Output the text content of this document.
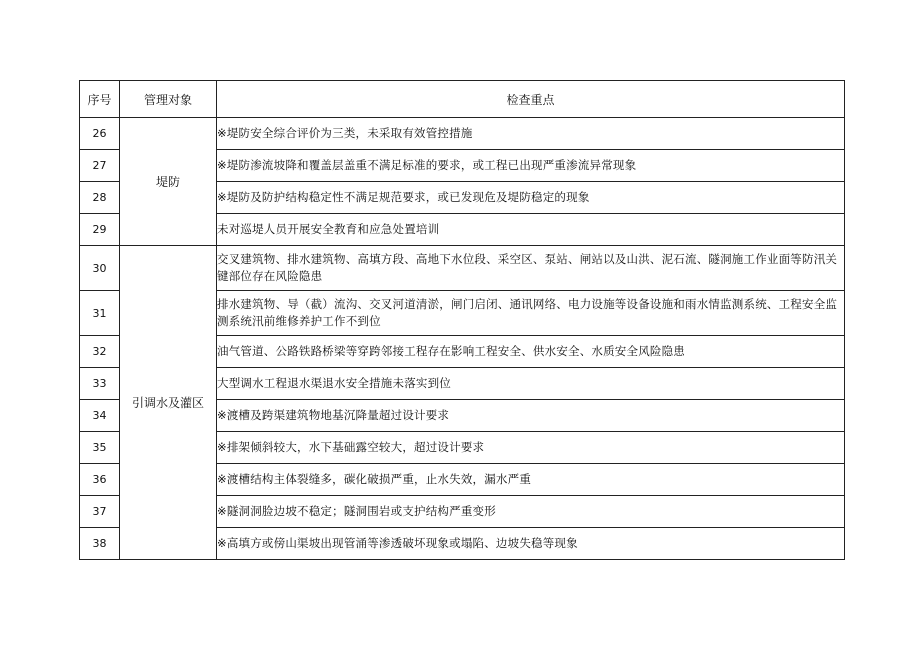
序号	管理对象	检查重点
26	堤防	※堤防安全综合评价为三类，未采取有效管控措施
27		※堤防渗流坡降和覆盖层盖重不满足标准的要求，或工程已出现严重渗流异常现象
28		※堤防及防护结构稳定性不满足规范要求，或已发现危及堤防稳定的现象
29		未对巡堤人员开展安全教育和应急处置培训
30	引调水及灌区	交叉建筑物、排水建筑物、高填方段、高地下水位段、采空区、泵站、闸站以及山洪、泥石流、隧洞施工作业面等防汛关键部位存在风险隐患
31		排水建筑物、导（截）流沟、交叉河道清淤，闸门启闭、通讯网络、电力设施等设备设施和雨水情监测系统、工程安全监测系统汛前维修养护工作不到位
32		油气管道、公路铁路桥梁等穿跨邻接工程存在影响工程安全、供水安全、水质安全风险隐患
33		大型调水工程退水渠退水安全措施未落实到位
34		※渡槽及跨渠建筑物地基沉降量超过设计要求
35		※排架倾斜较大，水下基础露空较大，超过设计要求
36		※渡槽结构主体裂缝多，碳化破损严重，止水失效，漏水严重
37		※隧洞洞脸边坡不稳定；隧洞围岩或支护结构严重变形
38		※高填方或傍山渠坡出现管涌等渗透破坏现象或塌陷、边坡失稳等现象
